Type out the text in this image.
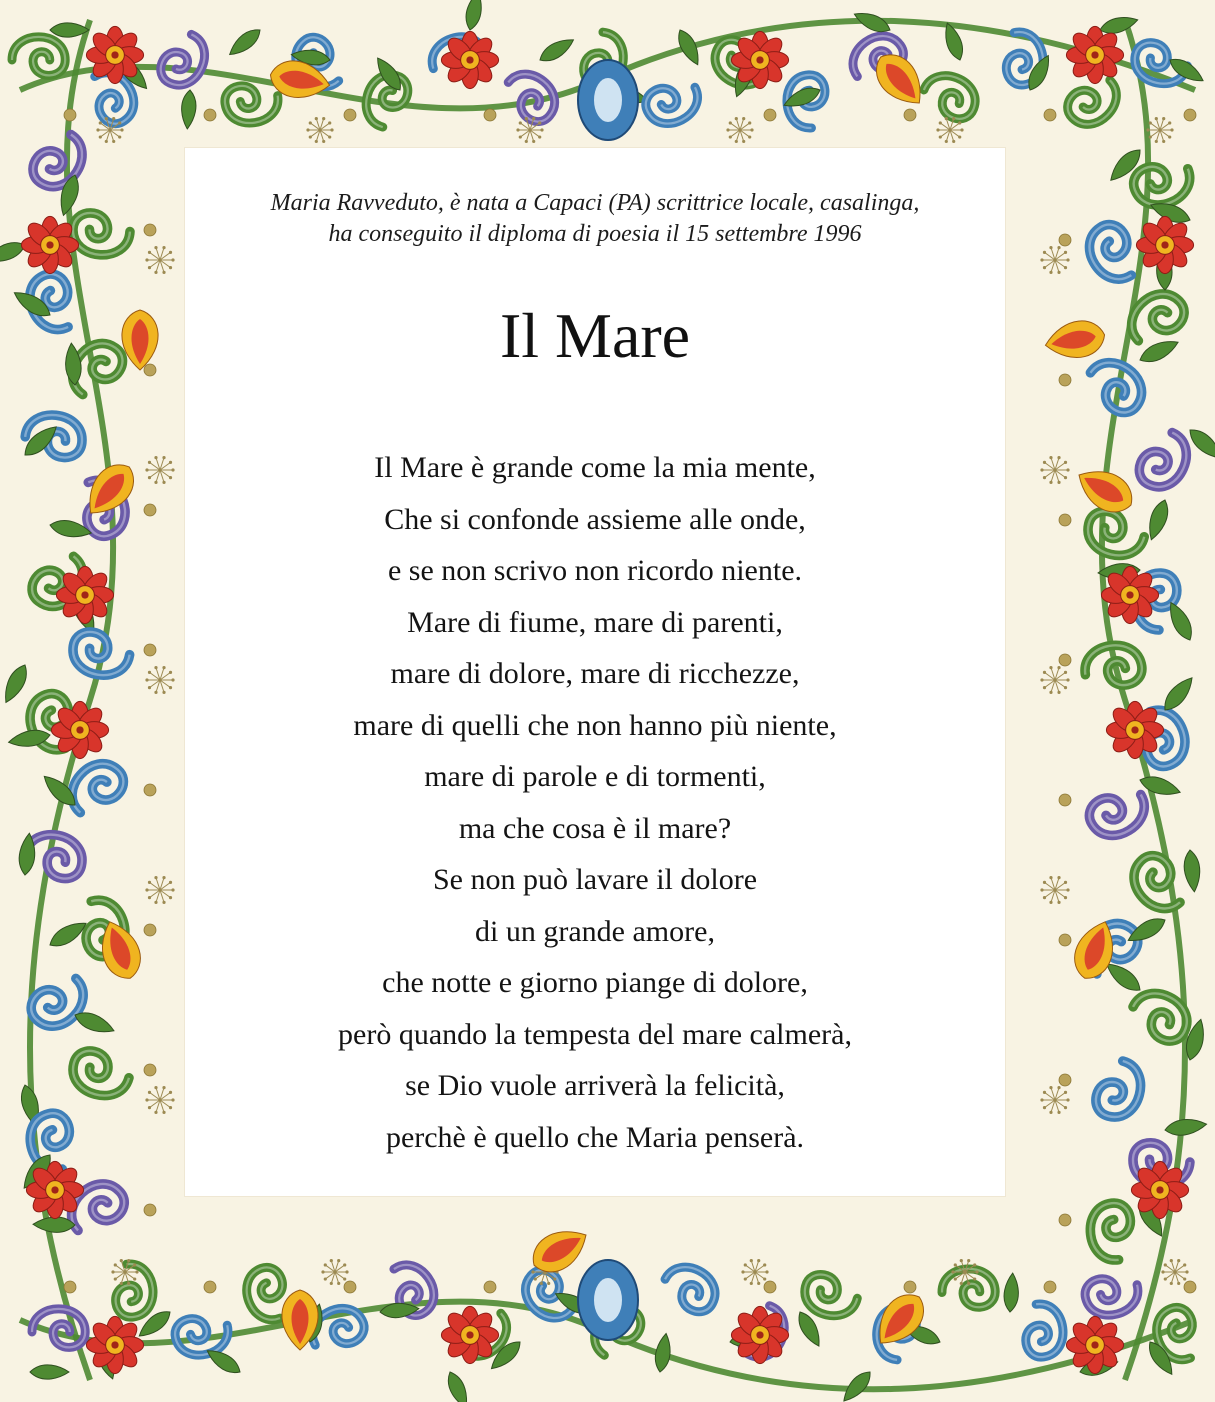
Maria Ravveduto, è nata a Capaci (PA) scrittrice locale, casalinga,
ha conseguito il diploma di poesia il 15 settembre 1996
Il Mare
Il Mare è grande come la mia mente,
Che si confonde assieme alle onde,
e se non scrivo non ricordo niente.
Mare di fiume, mare di parenti,
mare di dolore, mare di ricchezze,
mare di quelli che non hanno più niente,
mare di parole e di tormenti,
ma che cosa è il mare?
Se non può lavare il dolore
di un grande amore,
che notte e giorno piange di dolore,
però quando la tempesta del mare calmerà,
se Dio vuole arriverà la felicità,
perchè è quello che Maria penserà.
